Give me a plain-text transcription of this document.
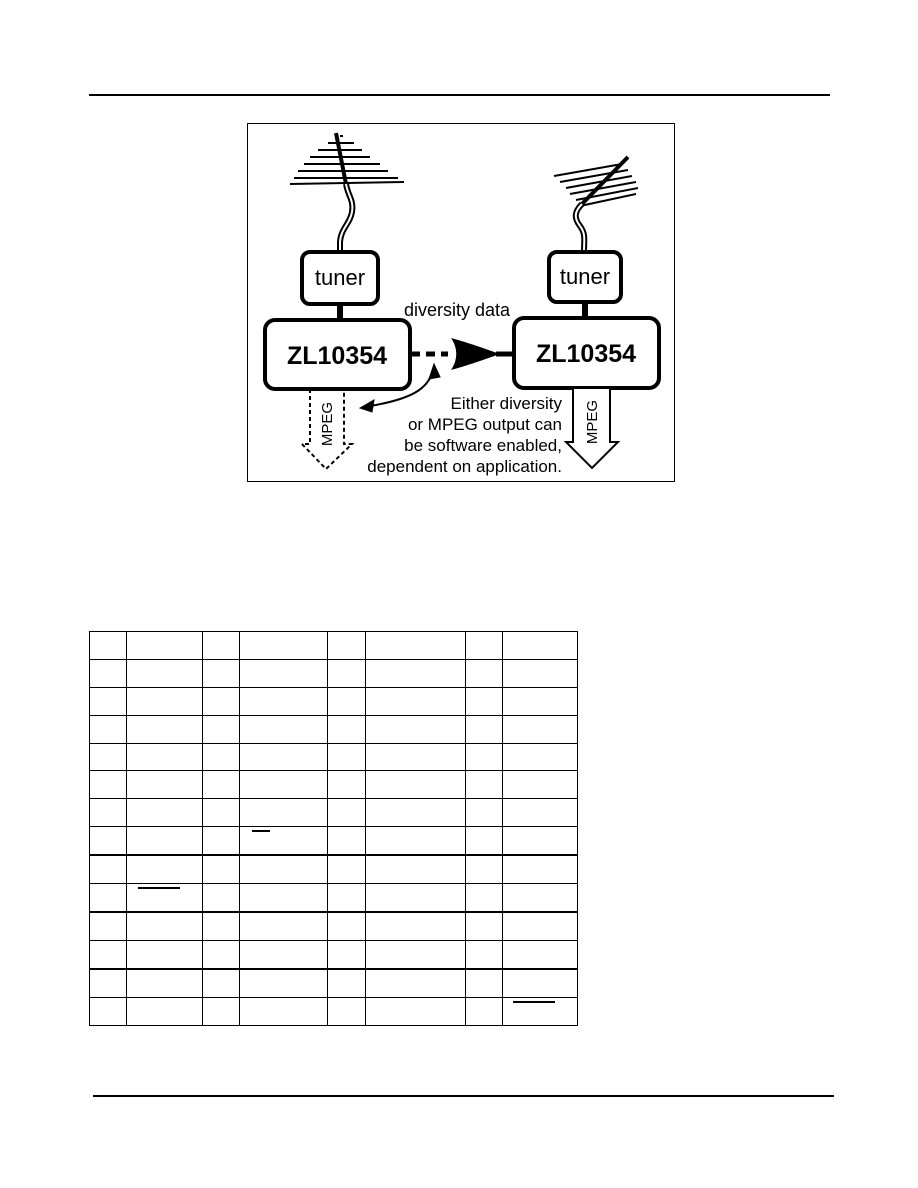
tuner	tuner
ZL10354	ZL10354
diversity data
Either diversity
or MPEG output can
be software enabled,
dependent on application.
MPEG	MPEG
